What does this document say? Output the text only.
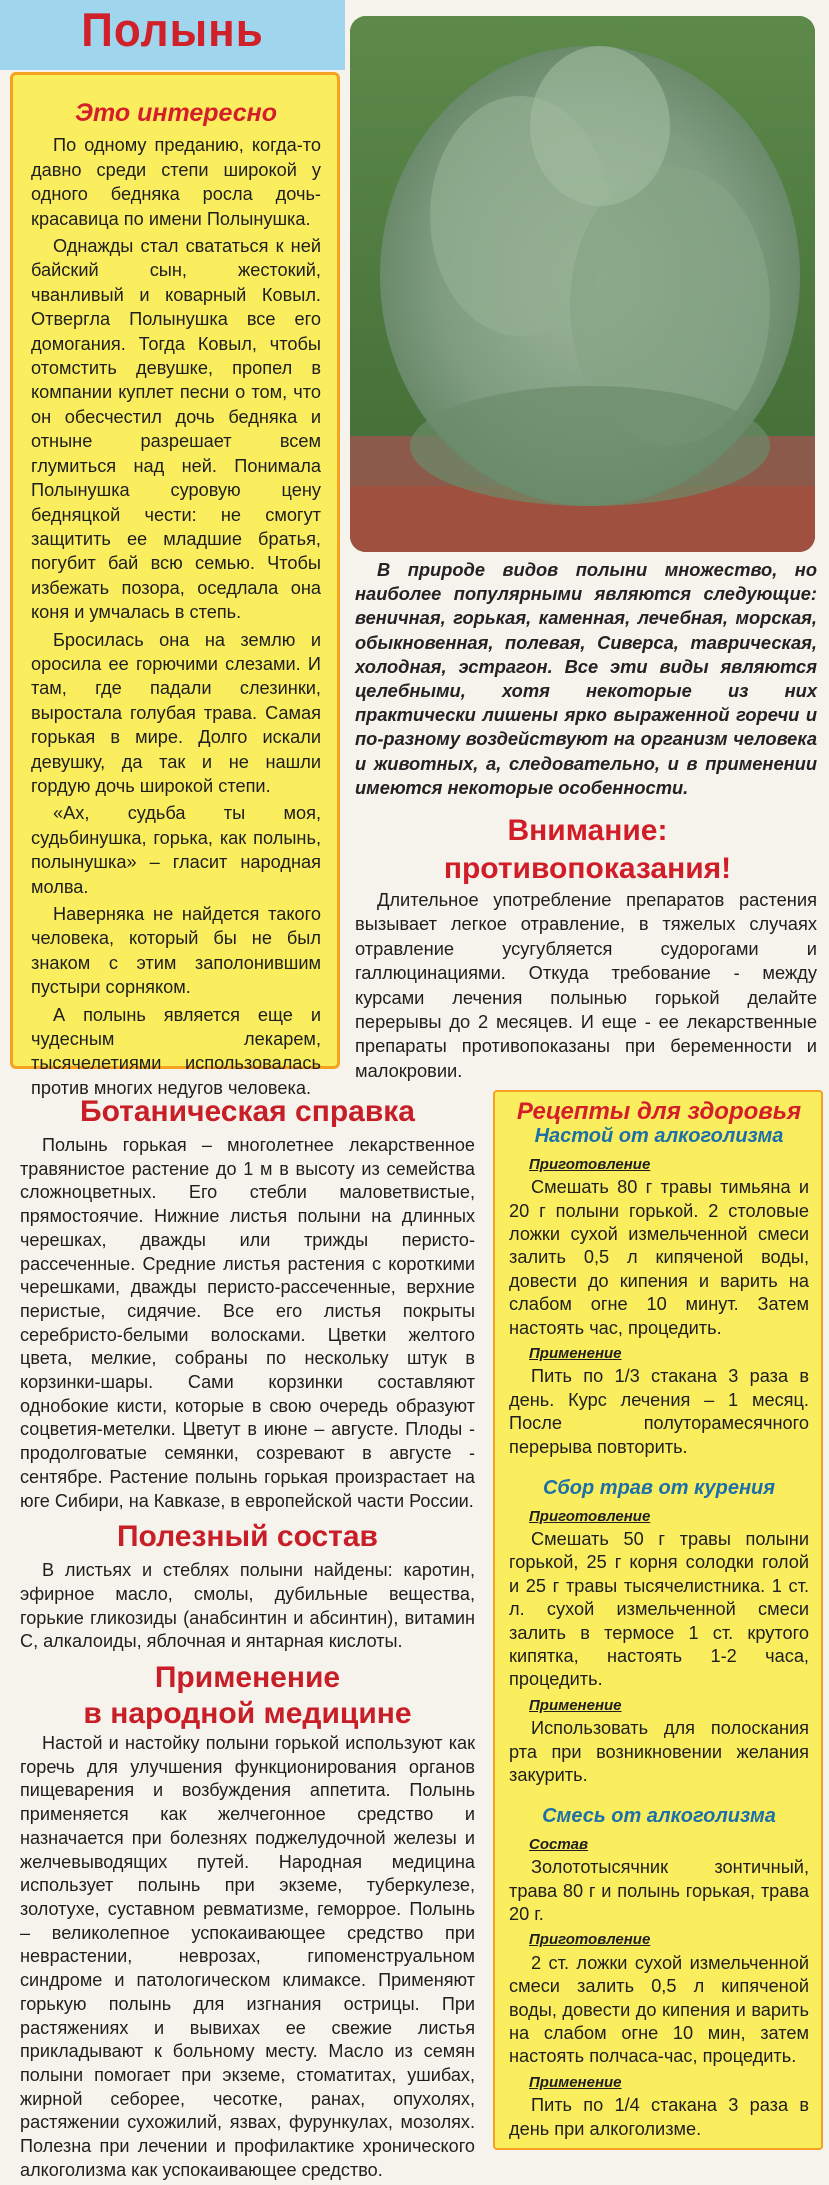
Полынь
Это интересно

По одному преданию, когда-то давно среди степи широкой у одного бедняка росла дочь-красавица по имени Полынушка.

Однажды стал свататься к ней байский сын, жестокий, чванливый и коварный Ковыл. Отвергла Полынушка все его домогания. Тогда Ковыл, чтобы отомстить девушке, пропел в компании куплет песни о том, что он обесчестил дочь бедняка и отныне разрешает всем глумиться над ней. Понимала Полынушка суровую цену бедняцкой чести: не смогут защитить ее младшие братья, погубит бай всю семью. Чтобы избежать позора, оседлала она коня и умчалась в степь.

Бросилась она на землю и оросила ее горючими слезами. И там, где падали слезинки, выростала голубая трава. Самая горькая в мире. Долго искали девушку, да так и не нашли гордую дочь широкой степи.

«Ах, судьба ты моя, судьбинушка, горька, как полынь, полынушка» – гласит народная молва.

Наверняка не найдется такого человека, который бы не был знаком с этим заполонившим пустыри сорняком.

А полынь является еще и чудесным лекарем, тысячелетиями использовалась против многих недугов человека.

В природе видов полыни множество, но наиболее популярными являются следующие: веничная, горькая, каменная, лечебная, морская, обыкновенная, полевая, Сиверса, таврическая, холодная, эстрагон. Все эти виды являются целебными, хотя некоторые из них практически лишены ярко выраженной горечи и по-разному воздействуют на организм человека и животных, а, следовательно, и в применении имеются некоторые особенности.

Внимание:
противопоказания!

Длительное употребление препаратов растения вызывает легкое отравление, в тяжелых случаях отравление усугубляется судорогами и галлюцинациями. Откуда требование - между курсами лечения полынью горькой делайте перерывы до 2 месяцев. И еще - ее лекарственные препараты противопоказаны при беременности и малокровии.

Ботаническая справка

Полынь горькая – многолетнее лекарственное травянистое растение до 1 м в высоту из семейства сложноцветных. Его стебли маловетвистые, прямостоячие. Нижние листья полыни на длинных черешках, дважды или трижды перисто-рассеченные. Средние листья растения с короткими черешками, дважды перисто-рассеченные, верхние перистые, сидячие. Все его листья покрыты серебристо-белыми волосками. Цветки желтого цвета, мелкие, собраны по нескольку штук в корзинки-шары. Сами корзинки составляют однобокие кисти, которые в свою очередь образуют соцветия-метелки. Цветут в июне – августе. Плоды - продолговатые семянки, созревают в августе - сентябре. Растение полынь горькая произрастает на юге Сибири, на Кавказе, в европейской части России.

Полезный состав

В листьях и стеблях полыни найдены: каротин, эфирное масло, смолы, дубильные вещества, горькие гликозиды (анабсинтин и абсинтин), витамин С, алкалоиды, яблочная и янтарная кислоты.

Применение
в народной медицине

Настой и настойку полыни горькой используют как горечь для улучшения функционирования органов пищеварения и возбуждения аппетита. Полынь применяется как желчегонное средство и назначается при болезнях поджелудочной железы и желчевыводящих путей. Народная медицина использует полынь при экземе, туберкулезе, золотухе, суставном ревматизме, геморрое. Полынь – великолепное успокаивающее средство при неврастении, неврозах, гипоменструальном синдроме и патологическом климаксе. Применяют горькую полынь для изгнания острицы. При растяжениях и вывихах ее свежие листья прикладывают к больному месту. Масло из семян полыни помогает при экземе, стоматитах, ушибах, жирной себорее, чесотке, ранах, опухолях, растяжении сухожилий, язвах, фурункулах, мозолях. Полезна при лечении и профилактике хронического алкоголизма как успокаивающее средство.

Рецепты для здоровья
Настой от алкоголизма
Приготовление

Смешать 80 г травы тимьяна и 20 г полыни горькой. 2 столовые ложки сухой измельченной смеси залить 0,5 л кипяченой воды, довести до кипения и варить на слабом огне 10 минут. Затем настоять час, процедить.

Применение

Пить по 1/3 стакана 3 раза в день. Курс лечения – 1 месяц. После полуторамесячного перерыва повторить.

Сбор трав от курения
Приготовление

Смешать 50 г травы полыни горькой, 25 г корня солодки голой и 25 г травы тысячелистника. 1 ст. л. сухой измельченной смеси залить в термосе 1 ст. крутого кипятка, настоять 1-2 часа, процедить.

Применение

Использовать для полоскания рта при возникновении желания закурить.

Смесь от алкоголизма
Состав

Золототысячник зонтичный, трава 80 г и полынь горькая, трава 20 г.

Приготовление

2 ст. ложки сухой измельченной смеси залить 0,5 л кипяченой воды, довести до кипения и варить на слабом огне 10 мин, затем настоять полчаса-час, процедить.

Применение

Пить по 1/4 стакана 3 раза в день при алкоголизме.
